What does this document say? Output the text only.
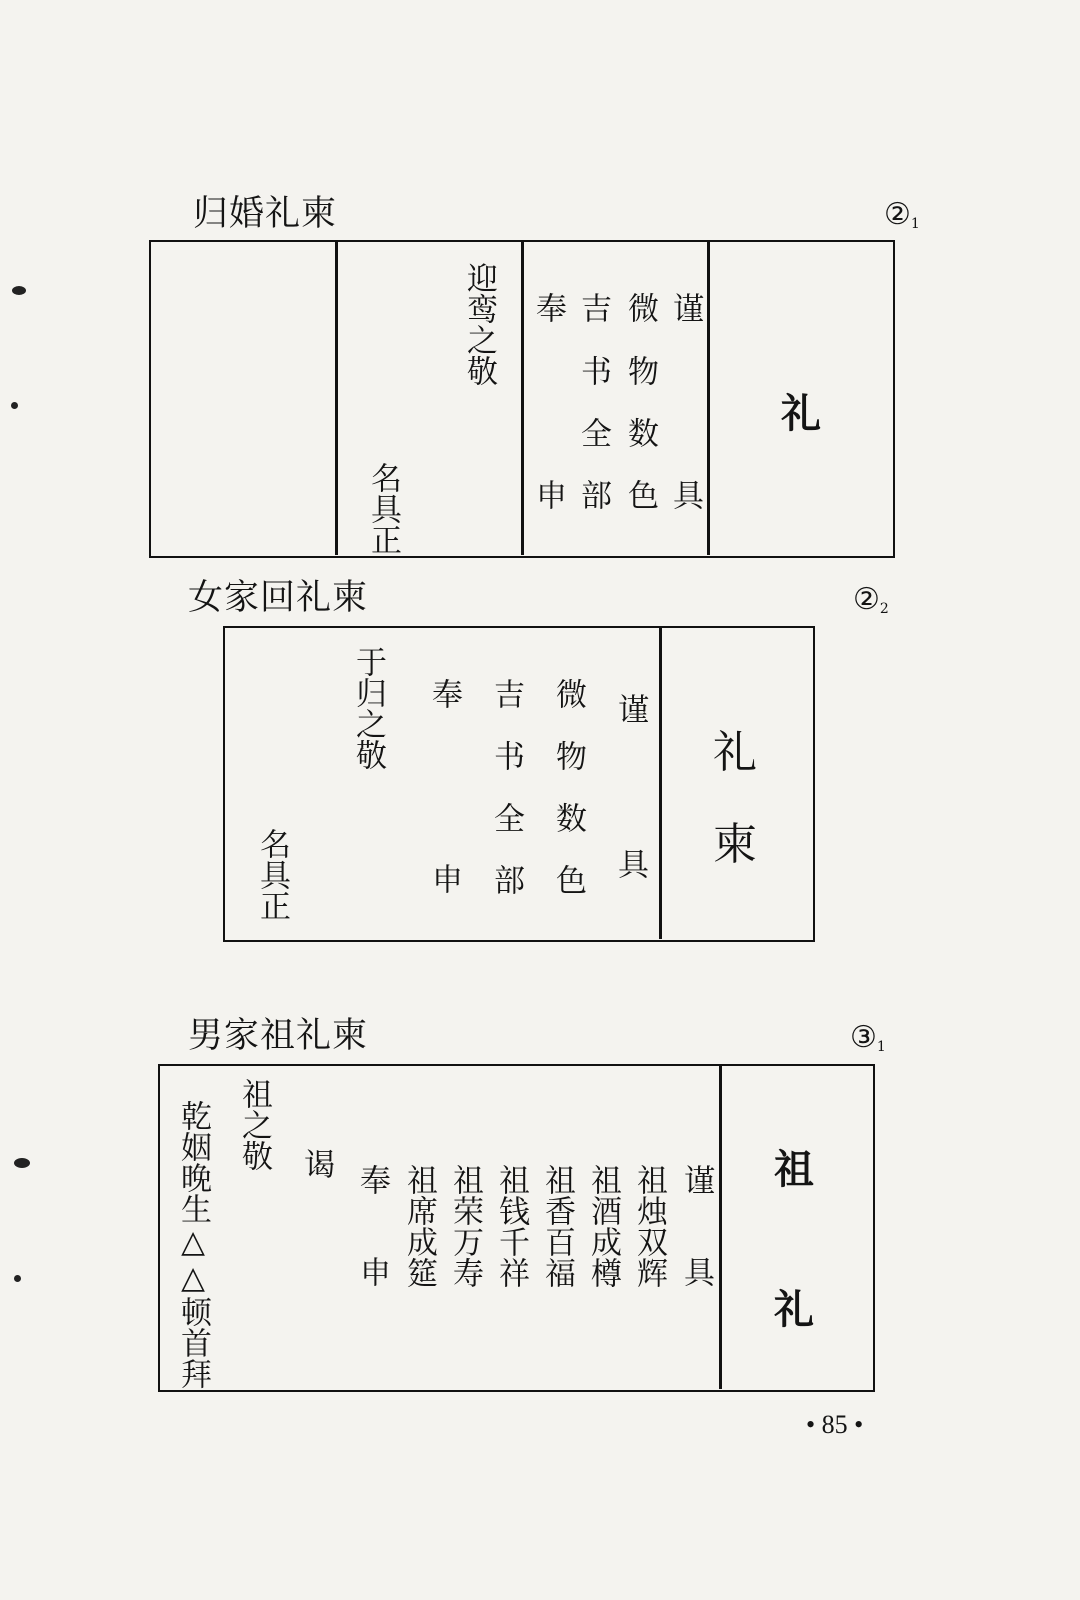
归婚礼柬	$②_1$
迎鸾之敬
名具正
奉
申
吉
书全部
微
物数色
谨
具
礼
女家回礼柬	$②_2$
于归之敬
名具正
奉
申 吉书全部 微物数色 谨
具
礼
柬
男家祖礼柬	$③_1$
乾姻晚生△△顿首拜 祖之敬 谒
奉
申 祖席成筵 祖荣万寿 祖钱千祥 祖香百福 祖酒成樽 祖烛双辉 谨
具
祖
礼
• 85 •
